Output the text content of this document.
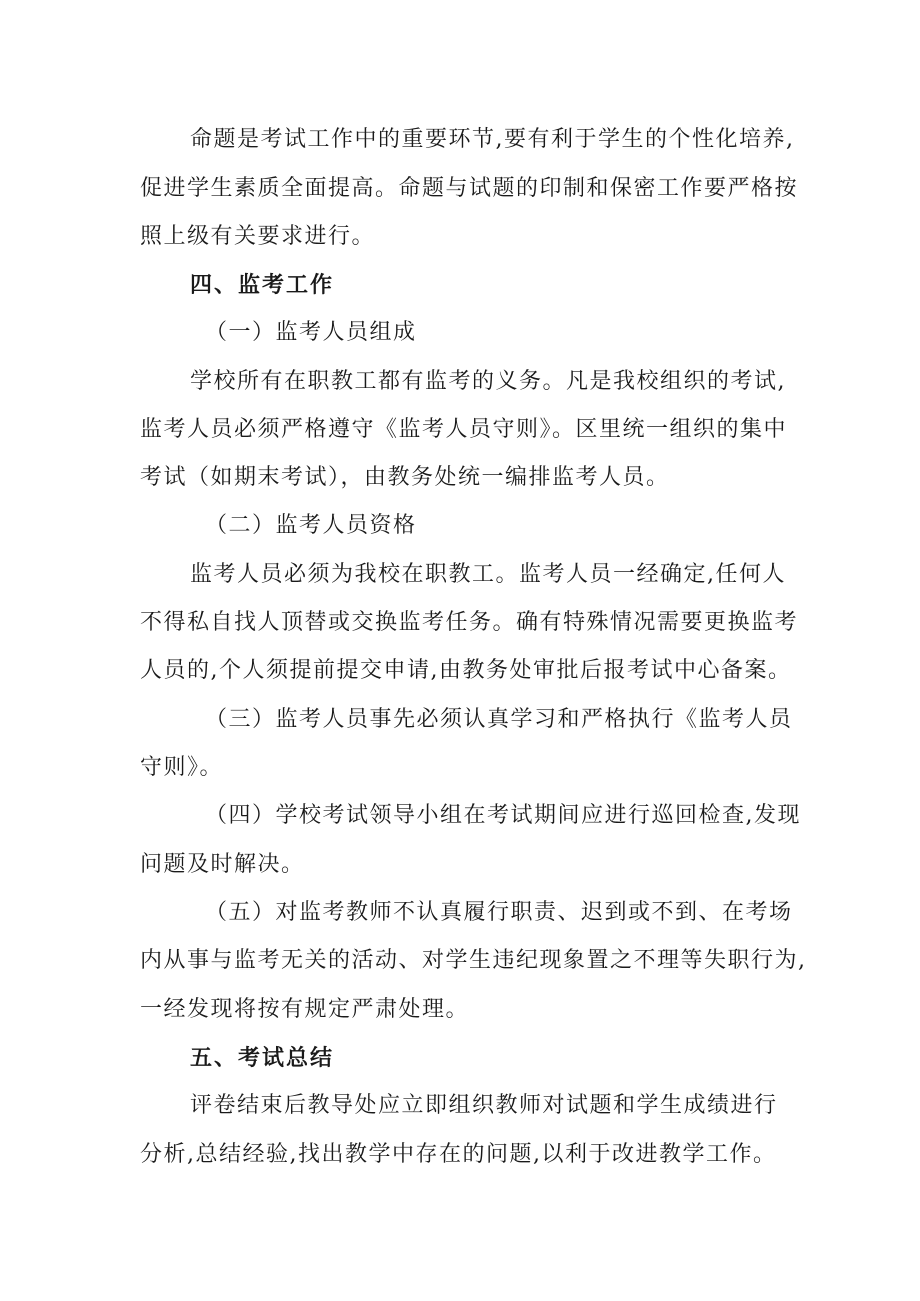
命题是考试工作中的重要环节,要有利于学生的个性化培养,
促进学生素质全面提高。命题与试题的印制和保密工作要严格按
照上级有关要求进行。
四、监考工作
（一）监考人员组成
学校所有在职教工都有监考的义务。凡是我校组织的考试,
监考人员必须严格遵守《监考人员守则》。区里统一组织的集中
考试（如期末考试），由教务处统一编排监考人员。
（二）监考人员资格
监考人员必须为我校在职教工。监考人员一经确定,任何人
不得私自找人顶替或交换监考任务。确有特殊情况需要更换监考
人员的,个人须提前提交申请,由教务处审批后报考试中心备案。
（三）监考人员事先必须认真学习和严格执行《监考人员
守则》。
（四）学校考试领导小组在考试期间应进行巡回检查,发现
问题及时解决。
（五）对监考教师不认真履行职责、迟到或不到、在考场
内从事与监考无关的活动、对学生违纪现象置之不理等失职行为,
一经发现将按有规定严肃处理。
五、考试总结
评卷结束后教导处应立即组织教师对试题和学生成绩进行
分析,总结经验,找出教学中存在的问题,以利于改进教学工作。
